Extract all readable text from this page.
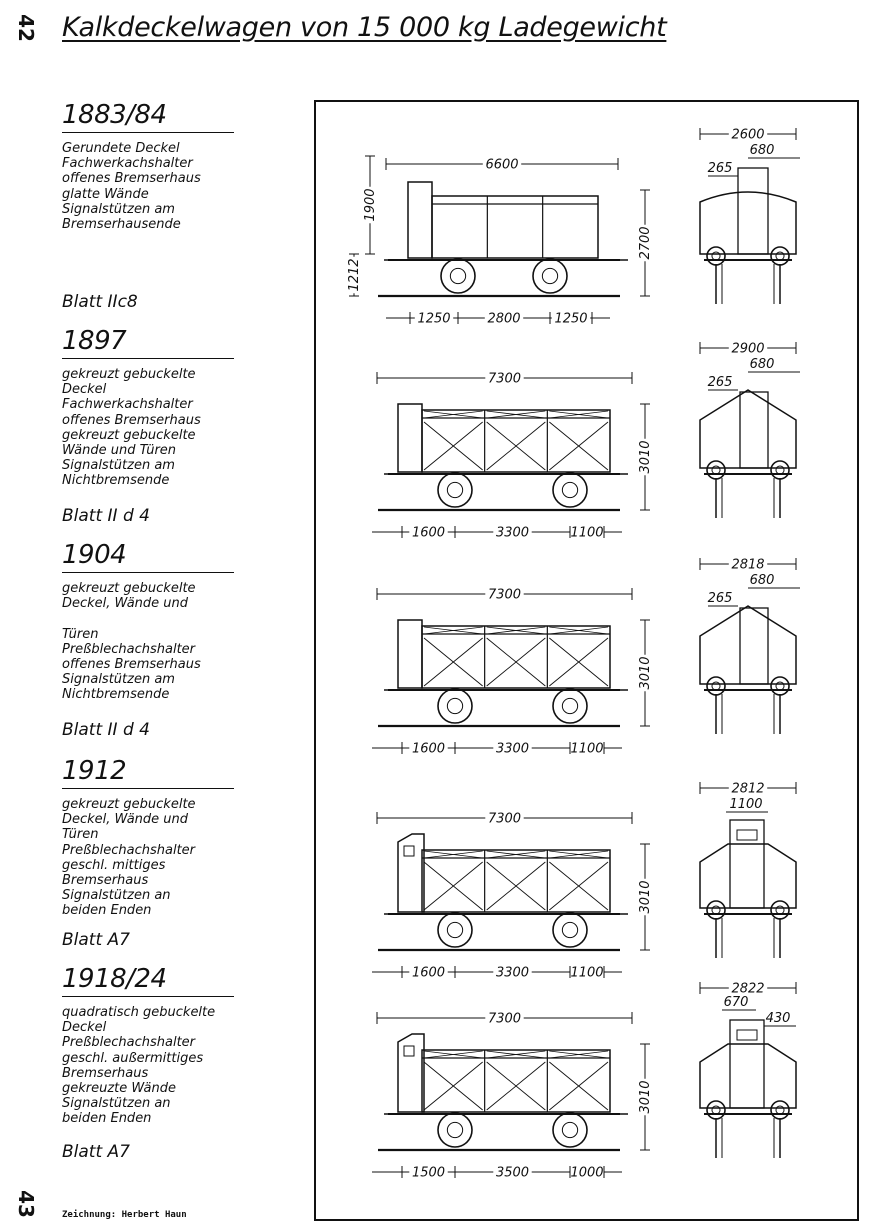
42
43
Kalkdeckelwagen von 15 000 kg Ladegewicht
1883/84
Gerundete Deckel
Fachwerkachshalter
offenes Bremserhaus
glatte Wände
Signalstützen am
Bremserhausende
Blatt IIc8
1897
gekreuzt gebuckelte
Deckel
Fachwerkachshalter
offenes Bremserhaus
gekreuzt gebuckelte
Wände und Türen
Signalstützen am
Nichtbremsende
Blatt II d 4
1904
gekreuzt gebuckelte
Deckel, Wände und

Türen
Preßblechachshalter
offenes Bremserhaus
Signalstützen am
Nichtbremsende
Blatt II d 4
1912
gekreuzt gebuckelte
Deckel, Wände und
Türen
Preßblechachshalter
geschl. mittiges
Bremserhaus
Signalstützen an
beiden Enden
Blatt A7
1918/24
quadratisch gebuckelte
Deckel
Preßblechachshalter
geschl. außermittiges
Bremserhaus
gekreuzte Wände
Signalstützen an
beiden Enden
Blatt A7
Zeichnung: Herbert Haun
6600
2700
1900
1212
1250	2800	1250
2600
265
680
7300
3010
1600	3300	1100
2900
265
680
7300
3010
1600	3300	1100
2818
265
680
7300
3010
1600	3300	1100
2812
1100
7300
3010
1500	3500	1000
2822
670
430
